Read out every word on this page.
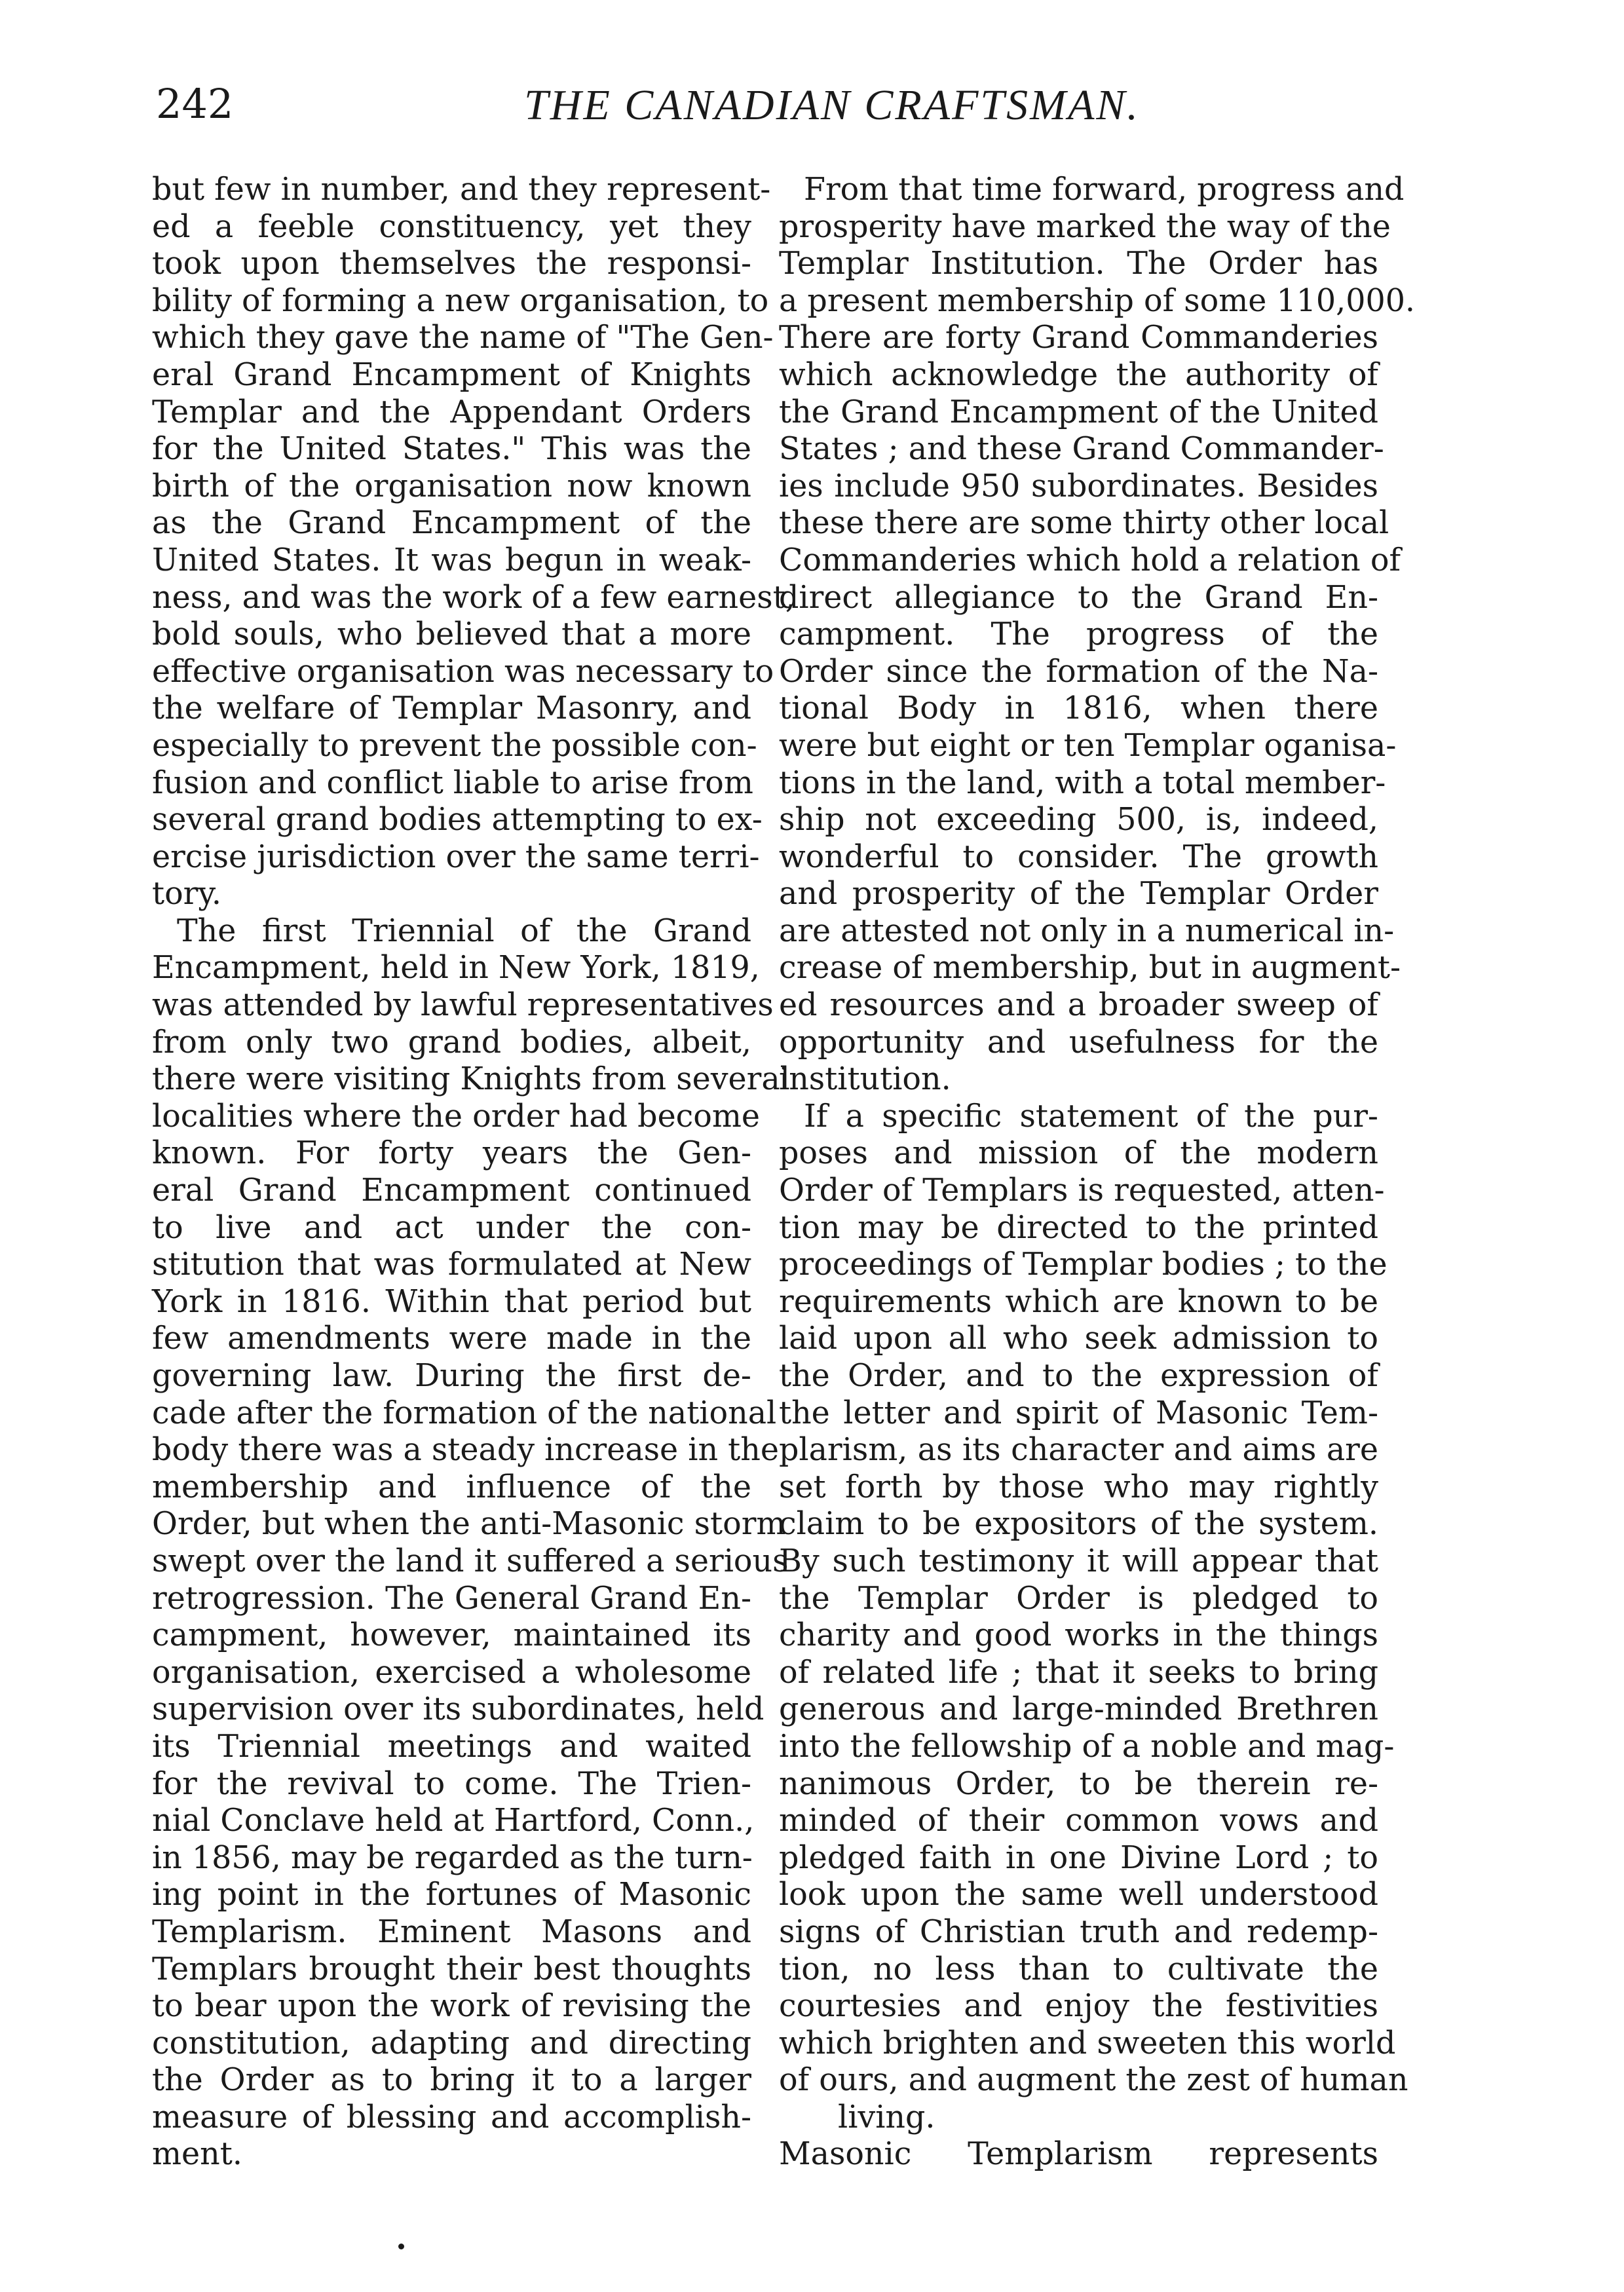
242	THE CANADIAN CRAFTSMAN.
but few in number, and they represent-
ed a feeble constituency, yet they
took upon themselves the responsi-
bility of forming a new organisation, to
which they gave the name of "The Gen-
eral Grand Encampment of Knights
Templar and the Appendant Orders
for the United States." This was the
birth of the organisation now known
as the Grand Encampment of the
United States. It was begun in weak-
ness, and was the work of a few earnest,
bold souls, who believed that a more
effective organisation was necessary to
the welfare of Templar Masonry, and
especially to prevent the possible con-
fusion and conflict liable to arise from
several grand bodies attempting to ex-
ercise jurisdiction over the same terri-
tory.
The first Triennial of the Grand
Encampment, held in New York, 1819,
was attended by lawful representatives
from only two grand bodies, albeit,
there were visiting Knights from several
localities where the order had become
known. For forty years the Gen-
eral Grand Encampment continued
to live and act under the con-
stitution that was formulated at New
York in 1816. Within that period but
few amendments were made in the
governing law. During the first de-
cade after the formation of the national
body there was a steady increase in the
membership and influence of the
Order, but when the anti-Masonic storm
swept over the land it suffered a serious
retrogression. The General Grand En-
campment, however, maintained its
organisation, exercised a wholesome
supervision over its subordinates, held
its Triennial meetings and waited
for the revival to come. The Trien-
nial Conclave held at Hartford, Conn.,
in 1856, may be regarded as the turn-
ing point in the fortunes of Masonic
Templarism. Eminent Masons and
Templars brought their best thoughts
to bear upon the work of revising the
constitution, adapting and directing
the Order as to bring it to a larger
measure of blessing and accomplish-
ment.
From that time forward, progress and
prosperity have marked the way of the
Templar Institution. The Order has
a present membership of some 110,000.
There are forty Grand Commanderies
which acknowledge the authority of
the Grand Encampment of the United
States ; and these Grand Commander-
ies include 950 subordinates. Besides
these there are some thirty other local
Commanderies which hold a relation of
direct allegiance to the Grand En-
campment. The progress of the
Order since the formation of the Na-
tional Body in 1816, when there
were but eight or ten Templar oganisa-
tions in the land, with a total member-
ship not exceeding 500, is, indeed,
wonderful to consider. The growth
and prosperity of the Templar Order
are attested not only in a numerical in-
crease of membership, but in augment-
ed resources and a broader sweep of
opportunity and usefulness for the
institution.
If a specific statement of the pur-
poses and mission of the modern
Order of Templars is requested, atten-
tion may be directed to the printed
proceedings of Templar bodies ; to the
requirements which are known to be
laid upon all who seek admission to
the Order, and to the expression of
the letter and spirit of Masonic Tem-
plarism, as its character and aims are
set forth by those who may rightly
claim to be expositors of the system.
By such testimony it will appear that
the Templar Order is pledged to
charity and good works in the things
of related life ; that it seeks to bring
generous and large-minded Brethren
into the fellowship of a noble and mag-
nanimous Order, to be therein re-
minded of their common vows and
pledged faith in one Divine Lord ; to
look upon the same well understood
signs of Christian truth and redemp-
tion, no less than to cultivate the
courtesies and enjoy the festivities
which brighten and sweeten this world
of ours, and augment the zest of human
living.
Masonic Templarism represents
